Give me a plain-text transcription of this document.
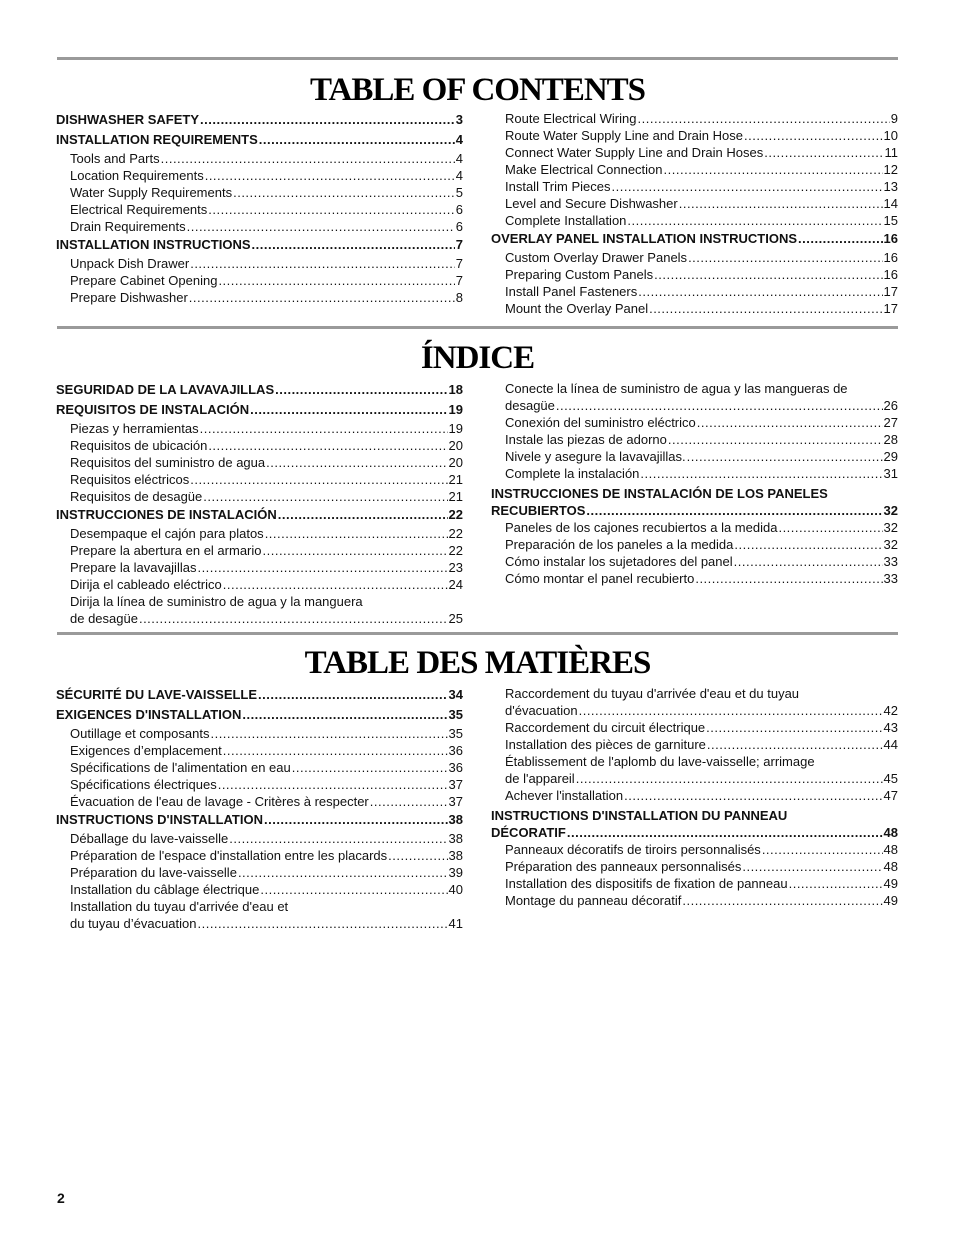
TABLE OF CONTENTS
DISHWASHER SAFETY .....	3
INSTALLATION REQUIREMENTS .....	4
Tools and Parts .....	4
Location Requirements .....	4
Water Supply Requirements .....	5
Electrical Requirements .....	6
Drain Requirements .....	6
INSTALLATION INSTRUCTIONS .....	7
Unpack Dish Drawer .....	7
Prepare Cabinet Opening .....	7
Prepare Dishwasher .....	8
Route Electrical Wiring .....	9
Route Water Supply Line and Drain Hose .....	10
Connect Water Supply Line and Drain Hoses .....	11
Make Electrical Connection .....	12
Install Trim Pieces .....	13
Level and Secure Dishwasher .....	14
Complete Installation .....	15
OVERLAY PANEL INSTALLATION INSTRUCTIONS .....	16
Custom Overlay Drawer Panels .....	16
Preparing Custom Panels .....	16
Install Panel Fasteners .....	17
Mount the Overlay Panel .....	17
ÍNDICE
SEGURIDAD DE LA LAVAVAJILLAS .....	18
REQUISITOS DE INSTALACIÓN .....	19
Piezas y herramientas .....	19
Requisitos de ubicación .....	20
Requisitos del suministro de agua .....	20
Requisitos eléctricos .....	21
Requisitos de desagüe .....	21
INSTRUCCIONES DE INSTALACIÓN .....	22
Desempaque el cajón para platos .....	22
Prepare la abertura en el armario .....	22
Prepare la lavavajillas .....	23
Dirija el cableado eléctrico .....	24
Dirija la línea de suministro de agua y la manguera
de desagüe .....	25
Conecte la línea de suministro de agua y las mangueras de
desagüe .....	26
Conexión del suministro eléctrico .....	27
Instale las piezas de adorno .....	28
Nivele y asegure la lavavajillas. .....	29
Complete la instalación .....	31
INSTRUCCIONES DE INSTALACIÓN DE LOS PANELES
RECUBIERTOS .....	32
Paneles de los cajones recubiertos a la medida .....	32
Preparación de los paneles a la medida .....	32
Cómo instalar los sujetadores del panel .....	33
Cómo montar el panel recubierto .....	33
TABLE DES MATIÈRES
SÉCURITÉ DU LAVE-VAISSELLE .....	34
EXIGENCES D'INSTALLATION .....	35
Outillage et composants .....	35
Exigences d’emplacement .....	36
Spécifications de l'alimentation en eau .....	36
Spécifications électriques .....	37
Évacuation de l'eau de lavage - Critères à respecter .....	37
INSTRUCTIONS D'INSTALLATION .....	38
Déballage du lave-vaisselle .....	38
Préparation de l'espace d'installation entre les placards .....	38
Préparation du lave-vaisselle .....	39
Installation du câblage électrique .....	40
Installation du tuyau d'arrivée d'eau et
du tuyau d’évacuation .....	41
Raccordement du tuyau d'arrivée d'eau et du tuyau
d'évacuation .....	42
Raccordement du circuit électrique .....	43
Installation des pièces de garniture .....	44
Établissement de l'aplomb du lave-vaisselle; arrimage
de l'appareil .....	45
Achever l'installation .....	47
INSTRUCTIONS D'INSTALLATION DU PANNEAU
DÉCORATIF .....	48
Panneaux décoratifs de tiroirs personnalisés .....	48
Préparation des panneaux personnalisés .....	48
Installation des dispositifs de fixation de panneau .....	49
Montage du panneau décoratif .....	49
2
